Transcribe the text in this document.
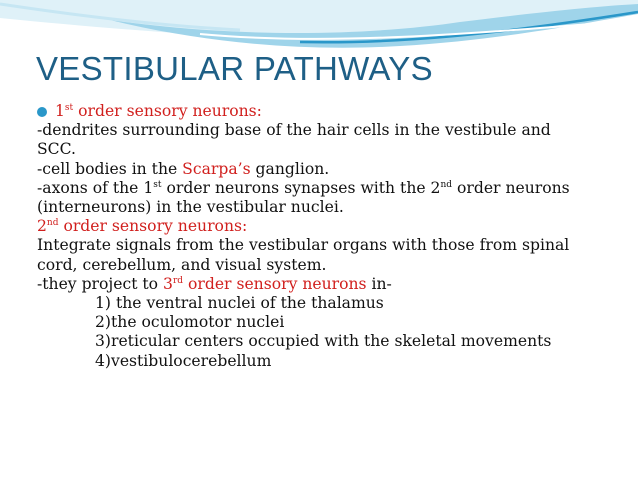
VESTIBULAR PATHWAYS
1st order sensory neurons:
-dendrites surrounding base of the hair cells in the vestibule and
SCC.
-cell bodies in the Scarpa’s ganglion.
-axons of the 1st order neurons synapses with the 2nd order neurons
(interneurons) in the vestibular nuclei.
2nd order sensory neurons:
Integrate signals from the vestibular organs with those from spinal
cord, cerebellum, and visual system.
-they project to 3rd order sensory neurons in-
1) the ventral nuclei of the thalamus
2)the oculomotor nuclei
3)reticular centers occupied with the skeletal movements
4)vestibulocerebellum
